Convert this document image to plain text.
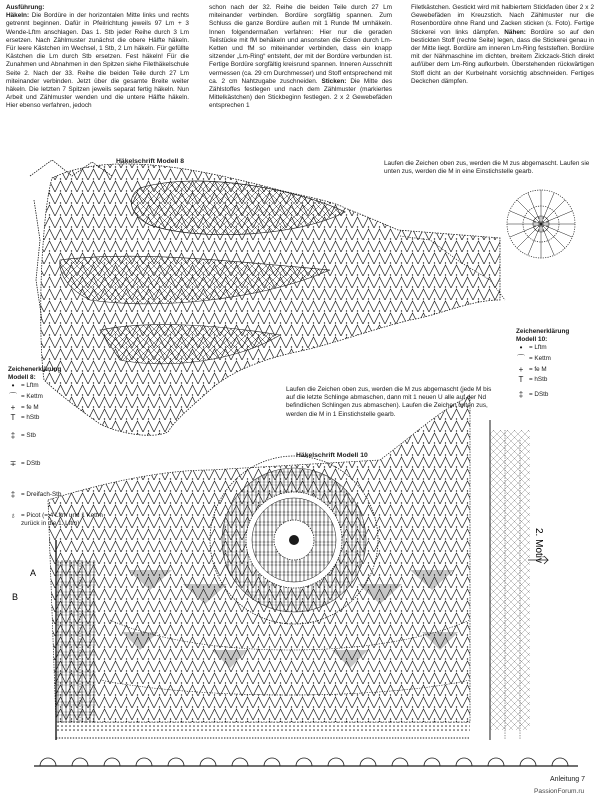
Ausführung:
Häkeln: Die Bordüre in der horizontalen Mitte links und rechts getrennt beginnen. Dafür in Pfeilrichtung jeweils 97 Lm + 3 Wende-Lftm anschlagen. Das 1. Stb jeder Reihe durch 3 Lm ersetzen. Nach Zählmuster zunächst die obere Hälfte häkeln. Für leere Kästchen im Wechsel, 1 Stb, 2 Lm häkeln. Für gefüllte Kästchen die Lm durch Stb ersetzen. Fest häkeln! Für die Zunahmen und Abnahmen in den Spitzen siehe Filethäkelschule Seite 2. Nach der 33. Reihe die beiden Teile durch 27 Lm miteinander verbinden. Jetzt über die gesamte Breite weiter häkeln. Die letzten 7 Spitzen jeweils separat fertig häkeln. Nun Arbeit und Zählmuster wenden und die untere Hälfte häkeln. Hier ebenso verfahren, jedoch
schon nach der 32. Reihe die beiden Teile durch 27 Lm miteinander verbinden. Bordüre sorgfältig spannen. Zum Schluss die ganze Bordüre außen mit 1 Runde fM umhäkeln. Innen folgendermaßen verfahren: Hier nur die geraden Teilstücke mit fM behäkeln und ansonsten die Ecken durch Lm-Ketten und fM so miteinander verbinden, dass ein knapp sitzender „Lm-Ring“ entsteht, der mit der Bordüre verbunden ist. Fertige Bordüre sorgfältig kreisrund spannen. Inneren Ausschnitt vermessen (ca. 29 cm Durchmesser) und Stoff entsprechend mit ca. 2 cm Nahtzugabe zuschneiden. Sticken: Die Mitte des Zählstoffes festlegen und nach dem Zählmuster (markiertes Mittelkästchen) den Stickbeginn festlegen. 2 x 2 Gewebefäden entsprechen 1
Filetkästchen. Gestickt wird mit halbiertem Stickfaden über 2 x 2 Gewebefäden im Kreuzstich. Nach Zählmuster nur die Rosenbordüre ohne Rand und Zacken sticken (s. Foto). Fertige Stickerei von links dämpfen. Nähen: Bordüre so auf den bestickten Stoff (rechte Seite) legen, dass die Stickerei genau in der Mitte liegt. Bordüre am inneren Lm-Ring feststeften. Bordüre mit der Nähmaschine im dichten, breitem Zickzack-Stich direkt auf/über dem Lm-Ring aufkurbeln. Überstehenden rückwärtigen Stoff dicht an der Kurbelnaht vorsichtig abschneiden. Fertiges Deckchen dämpfen.
B
A
2. Motiv
Häkelschrift Modell 8	Laufen die Zeichen oben zus, werden die M zus abgemascht. Laufen sie unten zus, werden die M in eine Einstichstelle gearb.
Zeichenerklärung
Modell 8:
•	= Lftm
⌒ = Kettm
+ = fe M
T = hStb
‡ = Stb
∓ = DStb
‡ = Dreifach-Stb
♁ = Picot (= 4 Lftm und 1 Kettm zurück in die 1. Lftm)
Zeichenerklärung
Modell 10:
•	= Lftm
⌒ = Kettm
+ = fe M
T = hStb
‡ = DStb
Laufen die Zeichen oben zus, werden die M zus abgemascht (jede M bis auf die letzte Schlinge abmaschen, dann mit 1 neuen U alle auf der Nd befindlichen Schlingen zus abmaschen). Laufen die Zeichen unten zus, werden die M in 1 Einstichstelle gearb.
Häkelschrift Modell 10
Anleitung 7
PassionForum.ru
